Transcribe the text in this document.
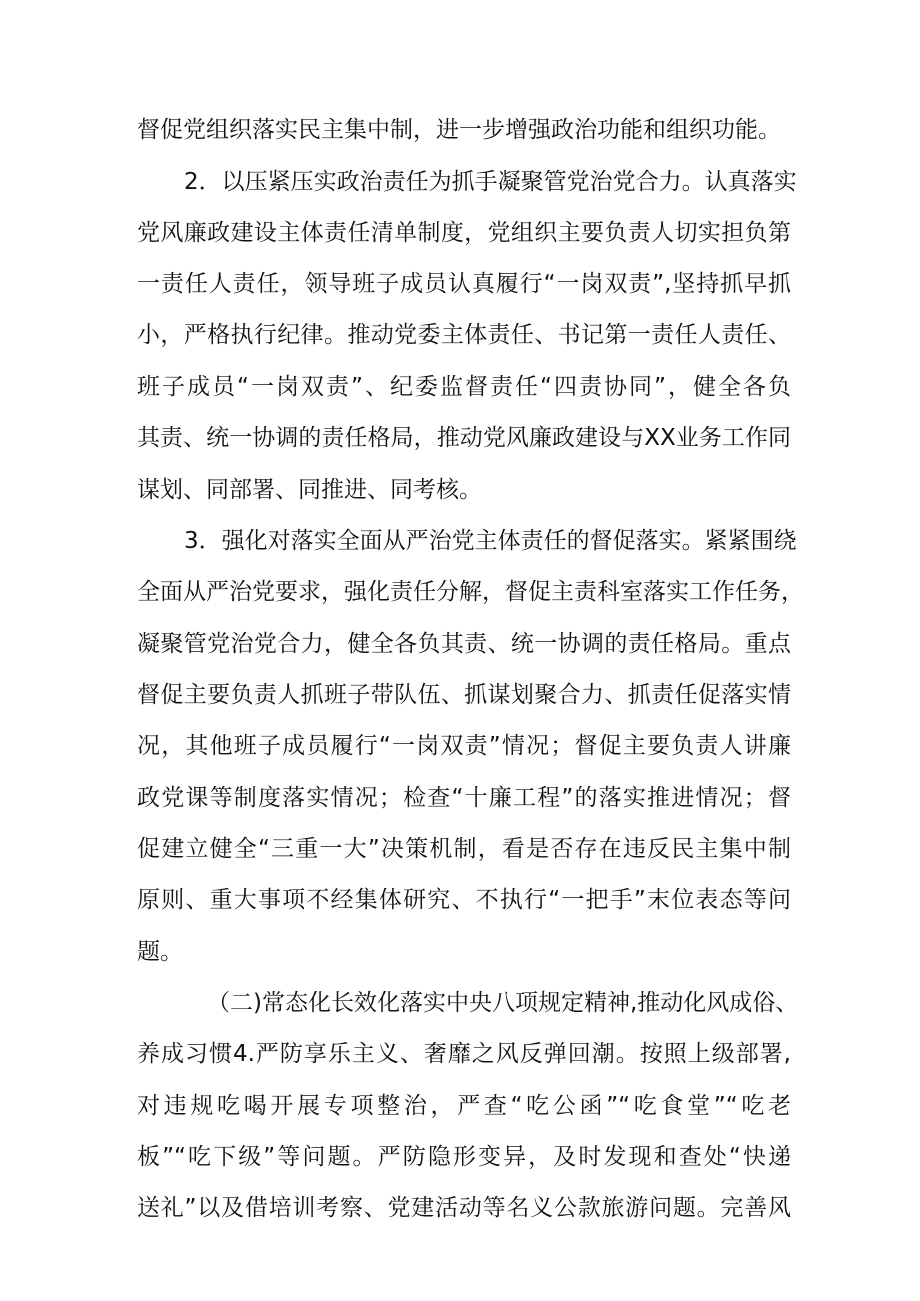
督促党组织落实民主集中制，进一步增强政治功能和组织功能。
2．以压紧压实政治责任为抓手凝聚管党治党合力。认真落实
党风廉政建设主体责任清单制度，党组织主要负责人切实担负第
一责任人责任，领导班子成员认真履行“一岗双责”,坚持抓早抓
小，严格执行纪律。推动党委主体责任、书记第一责任人责任、
班子成员“一岗双责”、纪委监督责任“四责协同”，健全各负
其责、统一协调的责任格局，推动党风廉政建设与XX业务工作同
谋划、同部署、同推进、同考核。
3．强化对落实全面从严治党主体责任的督促落实。紧紧围绕
全面从严治党要求，强化责任分解，督促主责科室落实工作任务，
凝聚管党治党合力，健全各负其责、统一协调的责任格局。重点
督促主要负责人抓班子带队伍、抓谋划聚合力、抓责任促落实情
况，其他班子成员履行“一岗双责”情况；督促主要负责人讲廉
政党课等制度落实情况；检查“十廉工程”的落实推进情况；督
促建立健全“三重一大”决策机制，看是否存在违反民主集中制
原则、重大事项不经集体研究、不执行“一把手”末位表态等问
题。
（二)常态化长效化落实中央八项规定精神,推动化风成俗、
养成习惯4.严防享乐主义、奢靡之风反弹回潮。按照上级部署,
对违规吃喝开展专项整治，严查“吃公函”“吃食堂”“吃老
板”“吃下级”等问题。严防隐形变异，及时发现和查处“快递
送礼”以及借培训考察、党建活动等名义公款旅游问题。完善风
